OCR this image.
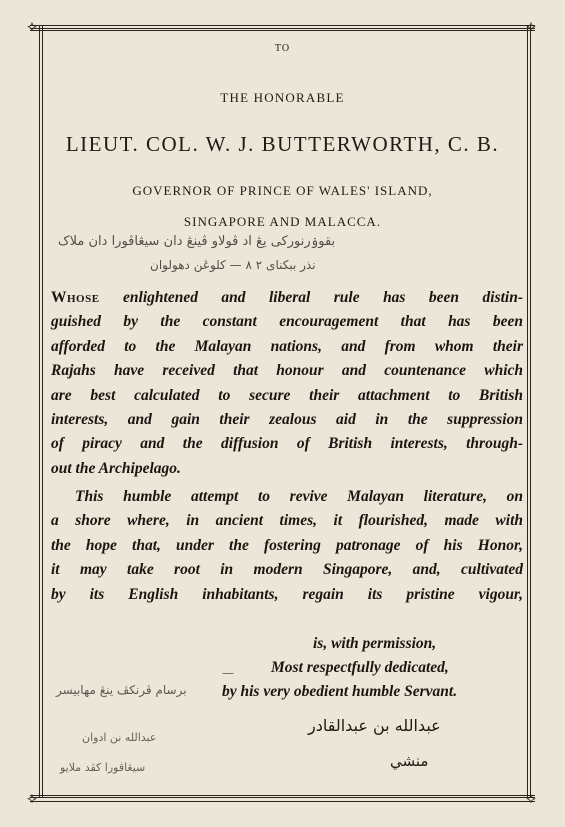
⟡	⟡
⟡	⟡
TO
THE HONORABLE
LIEUT. COL. W. J. BUTTERWORTH, C. B.
GOVERNOR OF PRINCE OF WALES' ISLAND,
SINGAPORE AND MALACCA.
بقوۏرنورکی یڠ اد ڤولاو ڤينڠ دان سيڠاڤورا دان ملاک
نذر ببکنای ٢ ٨ — کلوڠن دهولوان
Whose enlightened and liberal rule has been distin-
guished by the constant encouragement that has been
afforded to the Malayan nations, and from whom their
Rajahs have received that honour and countenance which
are best calculated to secure their attachment to British
interests, and gain their zealous aid in the suppression
of piracy and the diffusion of British interests, through-
out the Archipelago.
This humble attempt to revive Malayan literature, on
a shore where, in ancient times, it flourished, made with
the hope that, under the fostering patronage of his Honor,
it may take root in modern Singapore, and, cultivated
by its English inhabitants, regain its pristine vigour,
is, with permission,
— Most respectfully dedicated,
by his very obedient humble Servant.
برسام ڤرنکڤ ينڠ مهابيسر
عبدالله بن عبدالقادر
منشي
عبدالله نن ادوان
سيڠاڤورا کڤد ملايو
